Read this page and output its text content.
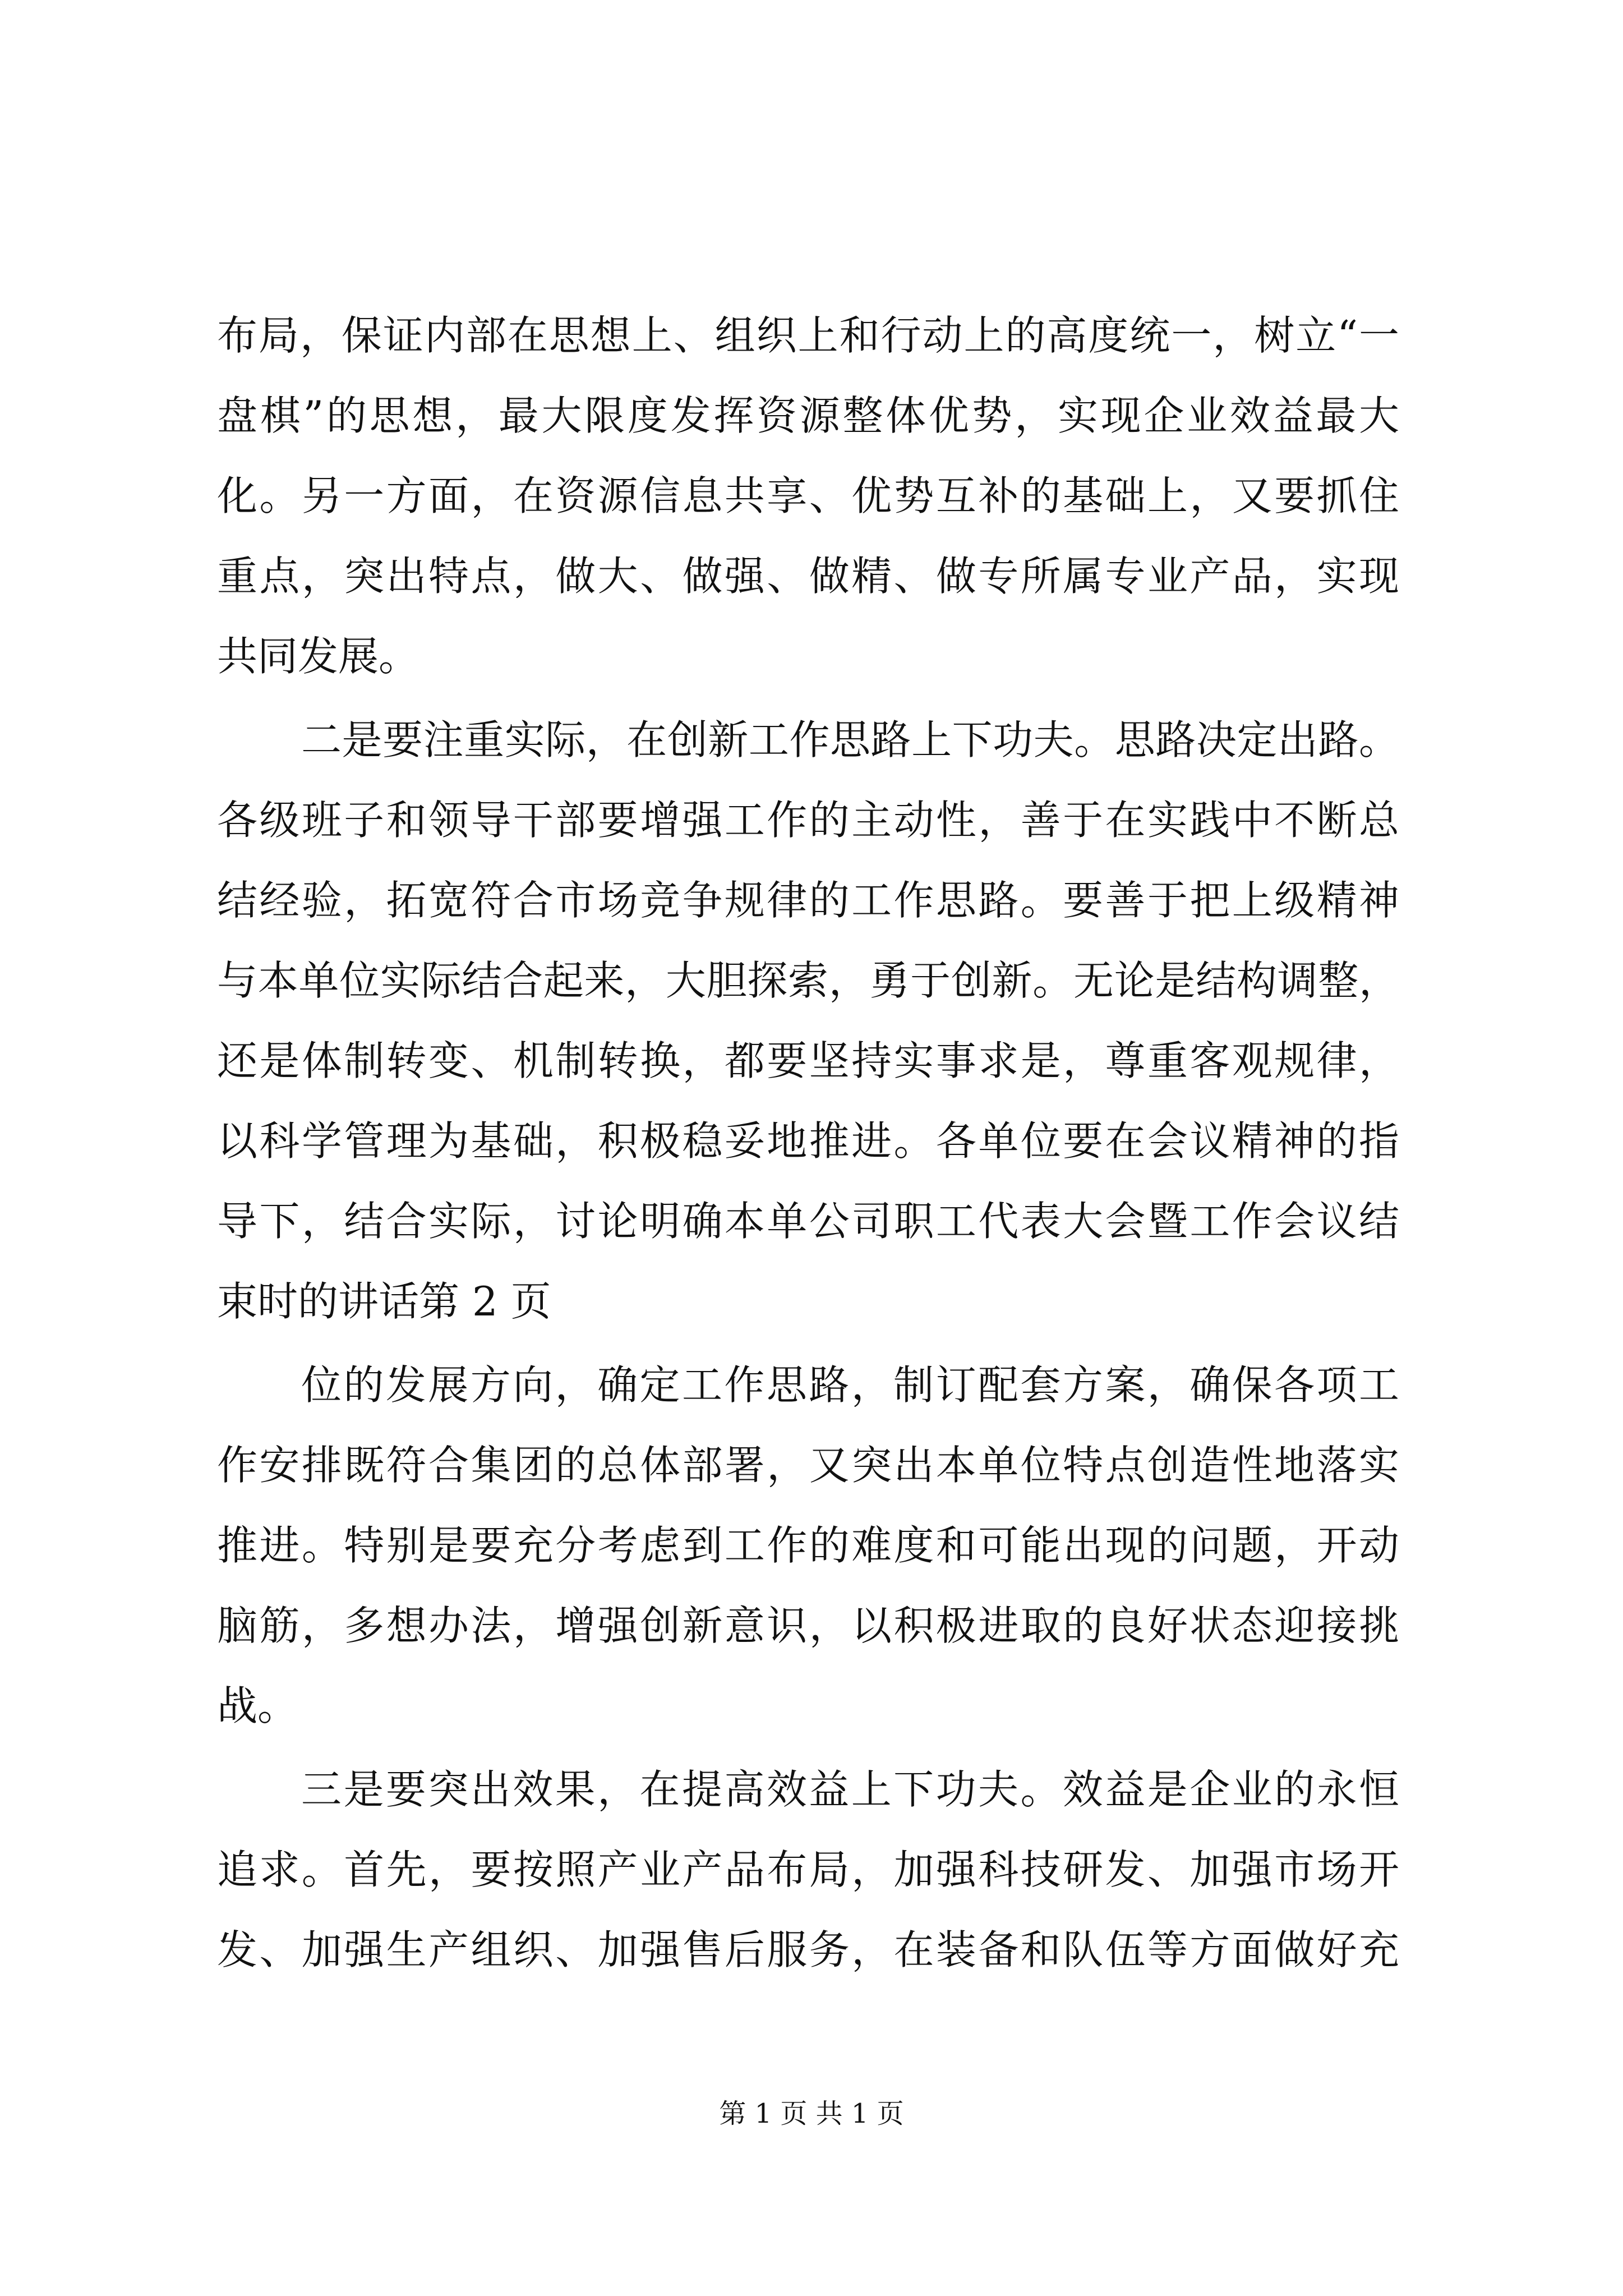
布局，保证内部在思想上、组织上和行动上的高度统一，树立“一
盘棋”的思想，最大限度发挥资源整体优势，实现企业效益最大
化。另一方面，在资源信息共享、优势互补的基础上，又要抓住
重点，突出特点，做大、做强、做精、做专所属专业产品，实现
共同发展。
二是要注重实际，在创新工作思路上下功夫。思路决定出路。
各级班子和领导干部要增强工作的主动性，善于在实践中不断总
结经验，拓宽符合市场竞争规律的工作思路。要善于把上级精神
与本单位实际结合起来，大胆探索，勇于创新。无论是结构调整，
还是体制转变、机制转换，都要坚持实事求是，尊重客观规律，
以科学管理为基础，积极稳妥地推进。各单位要在会议精神的指
导下，结合实际，讨论明确本单公司职工代表大会暨工作会议结
束时的讲话第 2 页
位的发展方向，确定工作思路，制订配套方案，确保各项工
作安排既符合集团的总体部署，又突出本单位特点创造性地落实
推进。特别是要充分考虑到工作的难度和可能出现的问题，开动
脑筋，多想办法，增强创新意识，以积极进取的良好状态迎接挑
战。
三是要突出效果，在提高效益上下功夫。效益是企业的永恒
追求。首先，要按照产业产品布局，加强科技研发、加强市场开
发、加强生产组织、加强售后服务，在装备和队伍等方面做好充
第 1 页 共 1 页
